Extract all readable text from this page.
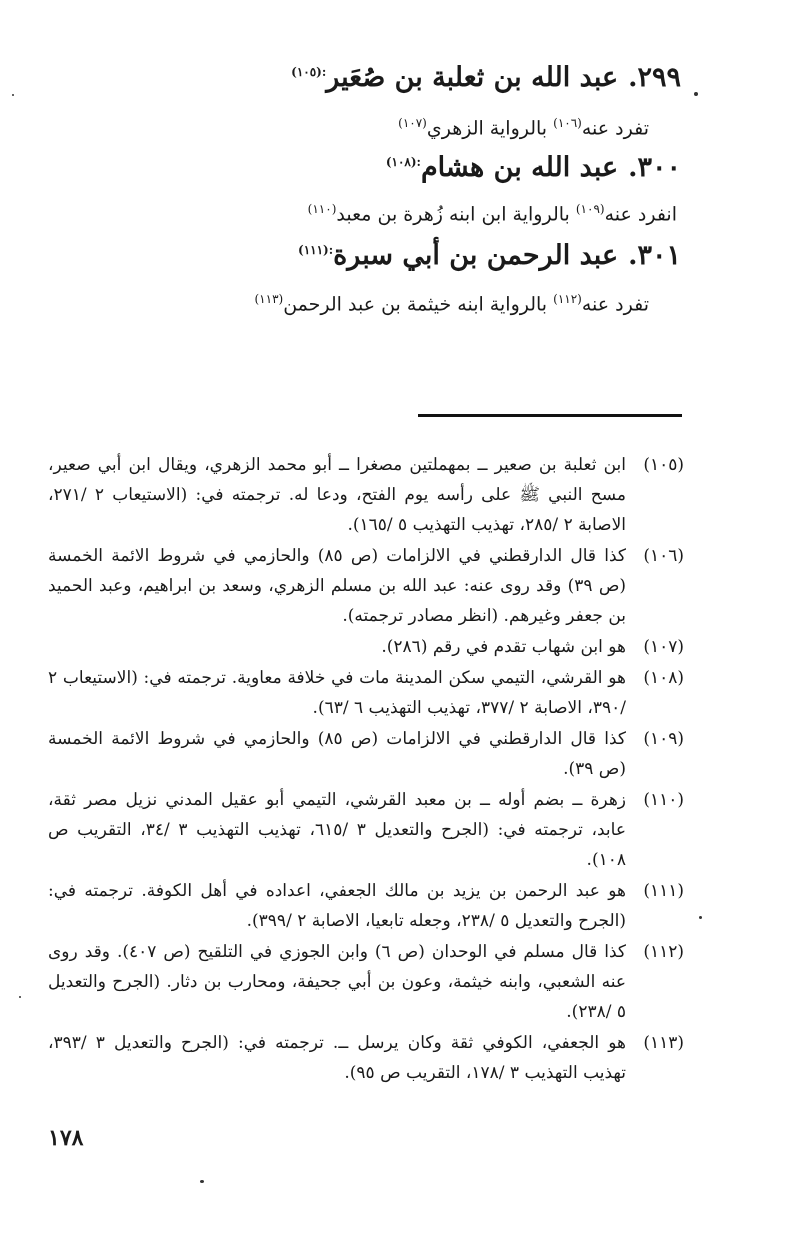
٢٩٩.عبد الله بن ثعلبة بن صُعَير$^{:(١٠٥)}$
تفرد عنه$^{(١٠٦)}$ بالرواية الزهري$^{(١٠٧)}$
٣٠٠.عبد الله بن هشام$^{:(١٠٨)}$
انفرد عنه$^{(١٠٩)}$ بالرواية ابن ابنه زُهرة بن معبد$^{(١١٠)}$
٣٠١.عبد الرحمن بن أبي سبرة$^{:(١١١)}$
تفرد عنه$^{(١١٢)}$ بالرواية ابنه خيثمة بن عبد الرحمن$^{(١١٣)}$
(١٠٥)
ابن ثعلبة بن صعير ــ بمهملتين مصغرا ــ أبو محمد الزهري، ويقال ابن أبي صعير، مسح النبي ﷺ على رأسه يوم الفتح، ودعا له. ترجمته في: (الاستيعاب ٢ /٢٧١، الاصابة ٢ /٢٨٥، تهذيب التهذيب ٥ /١٦٥).
(١٠٦)
كذا قال الدارقطني في الالزامات (ص ٨٥) والحازمي في شروط الائمة الخمسة (ص ٣٩) وقد روى عنه: عبد الله بن مسلم الزهري، وسعد بن ابراهيم، وعبد الحميد بن جعفر وغيرهم. (انظر مصادر ترجمته).
(١٠٧)
هو ابن شهاب تقدم في رقم (٢٨٦).
(١٠٨)
هو القرشي، التيمي سكن المدينة مات في خلافة معاوية. ترجمته في: (الاستيعاب ٢ /٣٩٠، الاصابة ٢ /٣٧٧، تهذيب التهذيب ٦ /٦٣).
(١٠٩)
كذا قال الدارقطني في الالزامات (ص ٨٥) والحازمي في شروط الائمة الخمسة (ص ٣٩).
(١١٠)
زهرة ــ بضم أوله ــ بن معبد القرشي، التيمي أبو عقيل المدني نزيل مصر ثقة، عابد، ترجمته في: (الجرح والتعديل ٣ /٦١٥، تهذيب التهذيب ٣ /٣٤، التقريب ص ١٠٨).
(١١١)
هو عبد الرحمن بن يزيد بن مالك الجعفي، اعداده في أهل الكوفة. ترجمته في: (الجرح والتعديل ٥ /٢٣٨، وجعله تابعيا، الاصابة ٢ /٣٩٩).
(١١٢)
كذا قال مسلم في الوحدان (ص ٦) وابن الجوزي في التلقيح (ص ٤٠٧). وقد روى عنه الشعبي، وابنه خيثمة، وعون بن أبي جحيفة، ومحارب بن دثار. (الجرح والتعديل ٥ /٢٣٨).
(١١٣)
هو الجعفي، الكوفي ثقة وكان يرسل ــ. ترجمته في: (الجرح والتعديل ٣ /٣٩٣، تهذيب التهذيب ٣ /١٧٨، التقريب ص ٩٥).
١٧٨
